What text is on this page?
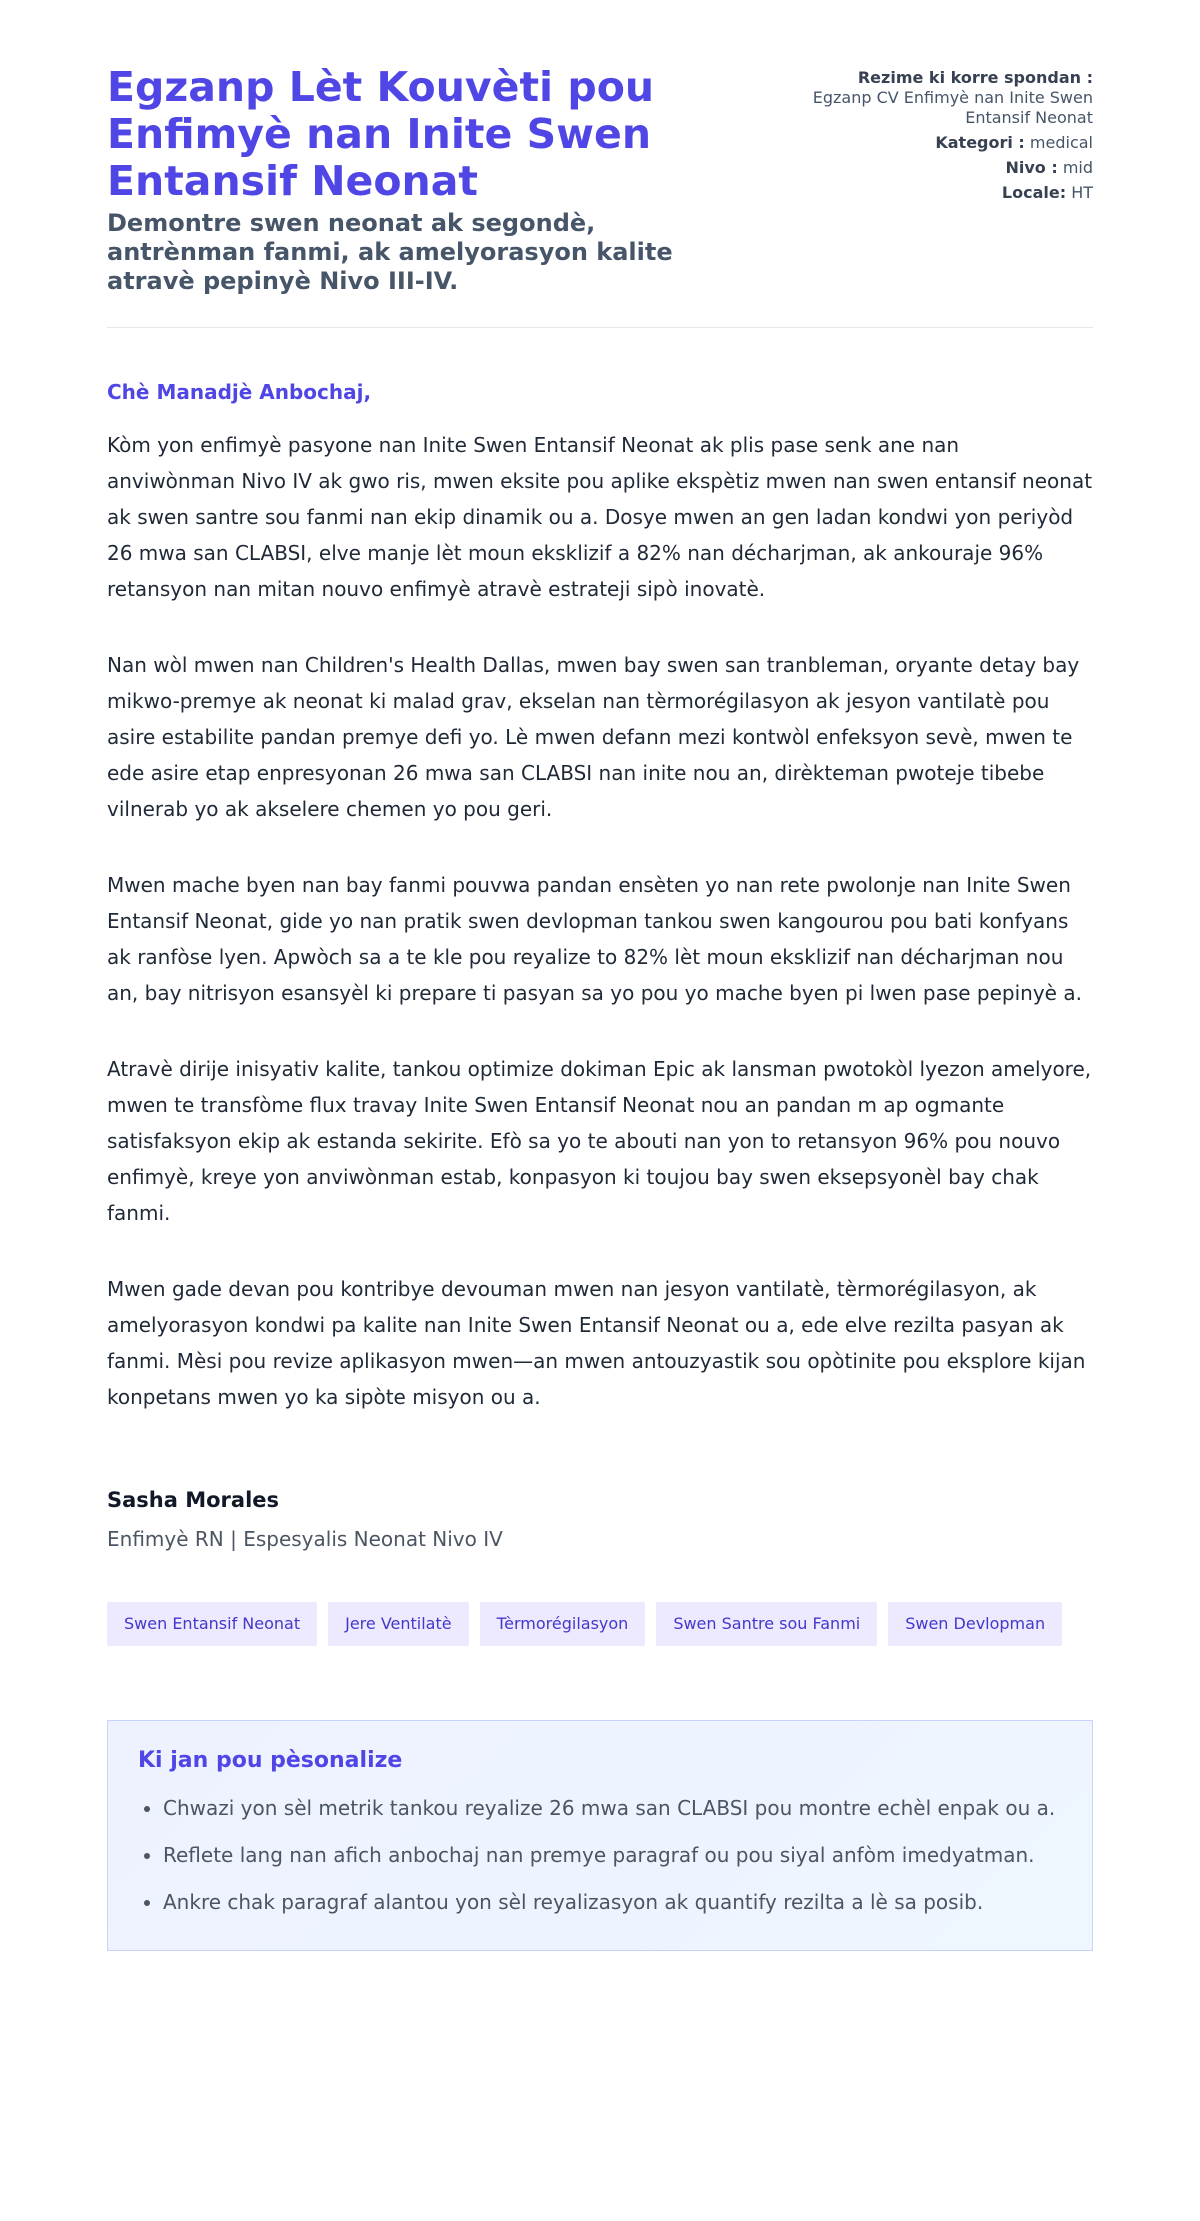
Egzanp Lèt Kouvèti pou Enfimyè nan Inite Swen Entansif Neonat

Demontre swen neonat ak segondè, antrènman fanmi, ak amelyorasyon kalite atravè pepinyè Nivo III-IV.

Rezime ki korre spondan :
Egzanp CV Enfimyè nan Inite Swen Entansif Neonat
Kategori : medical
Nivo : mid
Locale: HT

Chè Manadjè Anbochaj,

Kòm yon enfimyè pasyone nan Inite Swen Entansif Neonat ak plis pase senk ane nan anviwònman Nivo IV ak gwo ris, mwen eksite pou aplike ekspètiz mwen nan swen entansif neonat ak swen santre sou fanmi nan ekip dinamik ou a. Dosye mwen an gen ladan kondwi yon periyòd 26 mwa san CLABSI, elve manje lèt moun eksklizif a 82% nan décharjman, ak ankouraje 96% retansyon nan mitan nouvo enfimyè atravè estrateji sipò inovatè.

Nan wòl mwen nan Children's Health Dallas, mwen bay swen san tranbleman, oryante detay bay mikwo-premye ak neonat ki malad grav, ekselan nan tèrmorégilasyon ak jesyon vantilatè pou asire estabilite pandan premye defi yo. Lè mwen defann mezi kontwòl enfeksyon sevè, mwen te ede asire etap enpresyonan 26 mwa san CLABSI nan inite nou an, dirèkteman pwoteje tibebe vilnerab yo ak akselere chemen yo pou geri.

Mwen mache byen nan bay fanmi pouvwa pandan ensèten yo nan rete pwolonje nan Inite Swen Entansif Neonat, gide yo nan pratik swen devlopman tankou swen kangourou pou bati konfyans ak ranfòse lyen. Apwòch sa a te kle pou reyalize to 82% lèt moun eksklizif nan décharjman nou an, bay nitrisyon esansyèl ki prepare ti pasyan sa yo pou yo mache byen pi lwen pase pepinyè a.

Atravè dirije inisyativ kalite, tankou optimize dokiman Epic ak lansman pwotokòl lyezon amelyore, mwen te transfòme flux travay Inite Swen Entansif Neonat nou an pandan m ap ogmante satisfaksyon ekip ak estanda sekirite. Efò sa yo te abouti nan yon to retansyon 96% pou nouvo enfimyè, kreye yon anviwònman estab, konpasyon ki toujou bay swen eksepsyonèl bay chak fanmi.

Mwen gade devan pou kontribye devouman mwen nan jesyon vantilatè, tèrmorégilasyon, ak amelyorasyon kondwi pa kalite nan Inite Swen Entansif Neonat ou a, ede elve rezilta pasyan ak fanmi. Mèsi pou revize aplikasyon mwen—an mwen antouzyastik sou opòtinite pou eksplore kijan konpetans mwen yo ka sipòte misyon ou a.

Sasha Morales

Enfimyè RN | Espesyalis Neonat Nivo IV

Swen Entansif Neonat	Jere Ventilatè	Tèrmorégilasyon	Swen Santre sou Fanmi	Swen Devlopman
Ki jan pou pèsonalize
• Chwazi yon sèl metrik tankou reyalize 26 mwa san CLABSI pou montre echèl enpak ou a.
• Reflete lang nan afich anbochaj nan premye paragraf ou pou siyal anfòm imedyatman.
• Ankre chak paragraf alantou yon sèl reyalizasyon ak quantify rezilta a lè sa posib.
